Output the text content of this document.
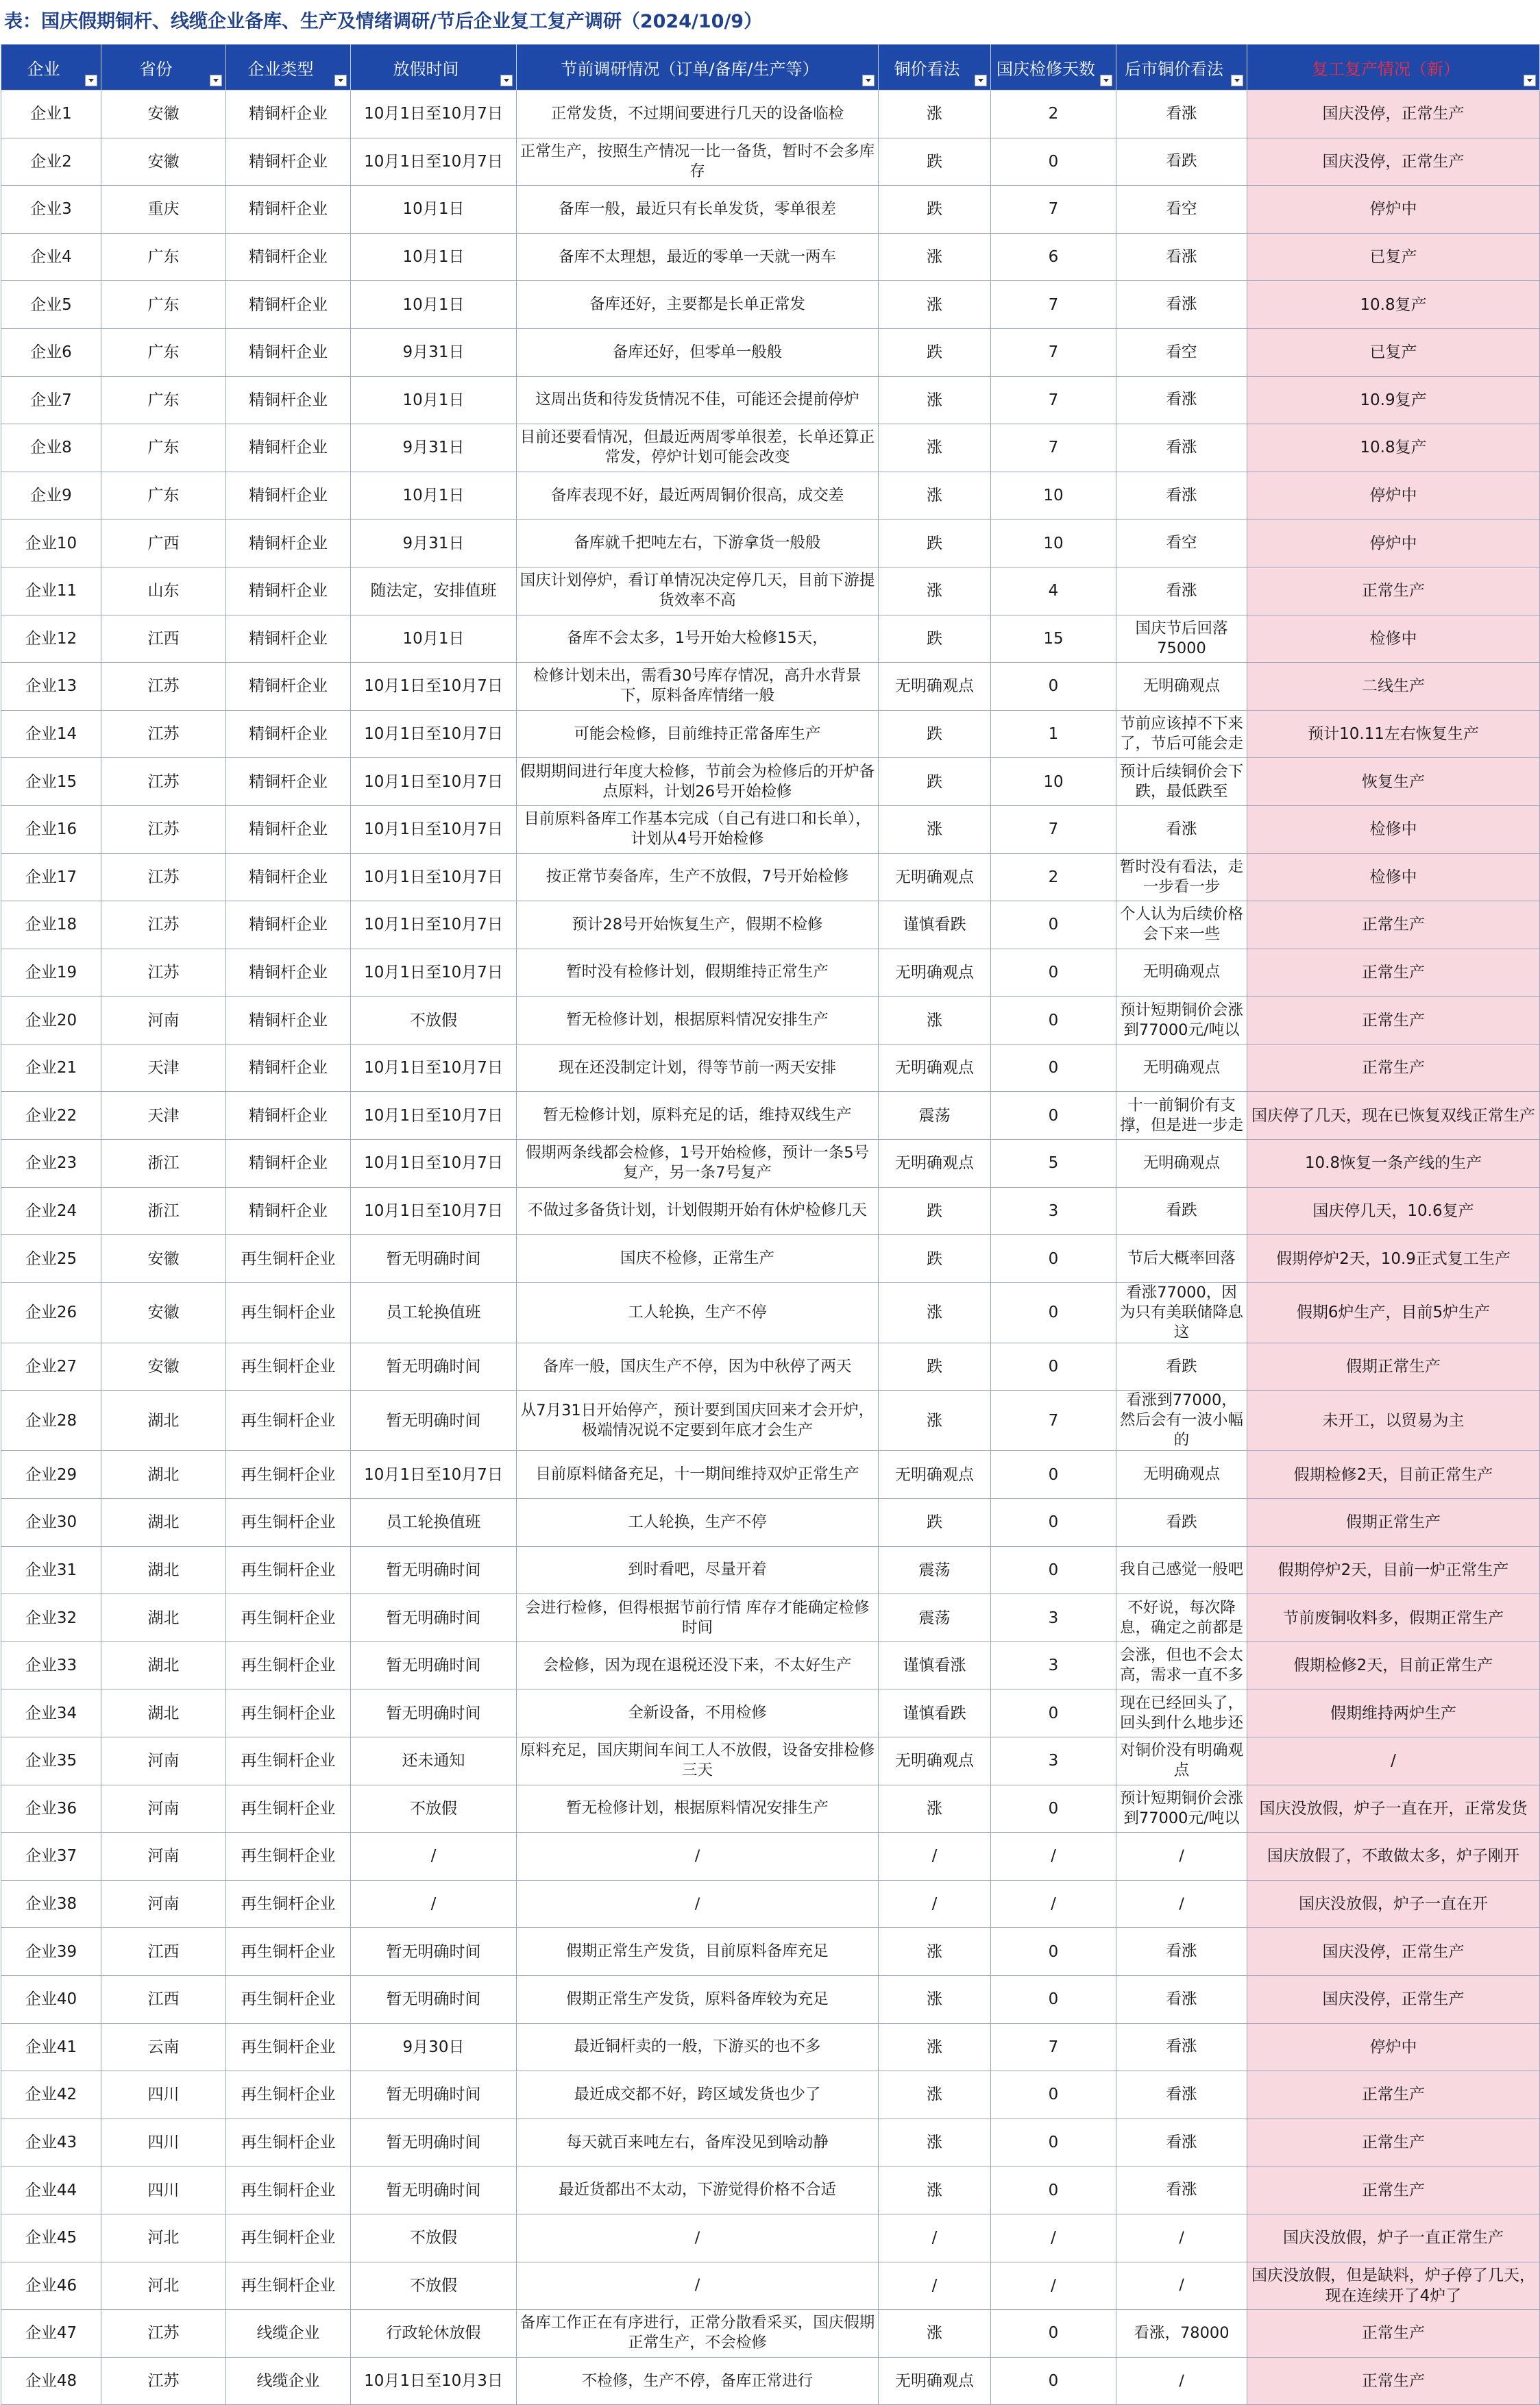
表：国庆假期铜杆、线缆企业备库、生产及情绪调研/节后企业复工复产调研（2024/10/9）
企业	省份	企业类型	放假时间	节前调研情况（订单/备库/生产等）	铜价看法	国庆检修天数	后市铜价看法	复工复产情况（新）

企业1	安徽	精铜杆企业	10月1日至10月7日	正常发货，不过期间要进行几天的设备临检	涨	2	看涨	国庆没停，正常生产
企业2	安徽	精铜杆企业	10月1日至10月7日	正常生产，按照生产情况一比一备货，暂时不会多库存	跌	0	看跌	国庆没停，正常生产
企业3	重庆	精铜杆企业	10月1日	备库一般，最近只有长单发货，零单很差	跌	7	看空	停炉中
企业4	广东	精铜杆企业	10月1日	备库不太理想，最近的零单一天就一两车	涨	6	看涨	已复产
企业5	广东	精铜杆企业	10月1日	备库还好，主要都是长单正常发	涨	7	看涨	10.8复产
企业6	广东	精铜杆企业	9月31日	备库还好，但零单一般般	跌	7	看空	已复产
企业7	广东	精铜杆企业	10月1日	这周出货和待发货情况不佳，可能还会提前停炉	涨	7	看涨	10.9复产
企业8	广东	精铜杆企业	9月31日	目前还要看情况，但最近两周零单很差，长单还算正常发，停炉计划可能会改变	涨	7	看涨	10.8复产
企业9	广东	精铜杆企业	10月1日	备库表现不好，最近两周铜价很高，成交差	涨	10	看涨	停炉中
企业10	广西	精铜杆企业	9月31日	备库就千把吨左右，下游拿货一般般	跌	10	看空	停炉中
企业11	山东	精铜杆企业	随法定，安排值班	国庆计划停炉，看订单情况决定停几天，目前下游提货效率不高	涨	4	看涨	正常生产
企业12	江西	精铜杆企业	10月1日	备库不会太多，1号开始大检修15天，	跌	15	国庆节后回落75000	检修中
企业13	江苏	精铜杆企业	10月1日至10月7日	检修计划未出，需看30号库存情况，高升水背景下，原料备库情绪一般	无明确观点	0	无明确观点	二线生产
企业14	江苏	精铜杆企业	10月1日至10月7日	可能会检修，目前维持正常备库生产	跌	1	节前应该掉不下来了，节后可能会走	预计10.11左右恢复生产
企业15	江苏	精铜杆企业	10月1日至10月7日	假期期间进行年度大检修，节前会为检修后的开炉备点原料，计划26号开始检修	跌	10	预计后续铜价会下跌，最低跌至	恢复生产
企业16	江苏	精铜杆企业	10月1日至10月7日	目前原料备库工作基本完成（自己有进口和长单），计划从4号开始检修	涨	7	看涨	检修中
企业17	江苏	精铜杆企业	10月1日至10月7日	按正常节奏备库，生产不放假，7号开始检修	无明确观点	2	暂时没有看法，走一步看一步	检修中
企业18	江苏	精铜杆企业	10月1日至10月7日	预计28号开始恢复生产，假期不检修	谨慎看跌	0	个人认为后续价格会下来一些	正常生产
企业19	江苏	精铜杆企业	10月1日至10月7日	暂时没有检修计划，假期维持正常生产	无明确观点	0	无明确观点	正常生产
企业20	河南	精铜杆企业	不放假	暂无检修计划，根据原料情况安排生产	涨	0	预计短期铜价会涨到77000元/吨以	正常生产
企业21	天津	精铜杆企业	10月1日至10月7日	现在还没制定计划，得等节前一两天安排	无明确观点	0	无明确观点	正常生产
企业22	天津	精铜杆企业	10月1日至10月7日	暂无检修计划，原料充足的话，维持双线生产	震荡	0	十一前铜价有支撑，但是进一步走	国庆停了几天，现在已恢复双线正常生产
企业23	浙江	精铜杆企业	10月1日至10月7日	假期两条线都会检修，1号开始检修，预计一条5号复产，另一条7号复产	无明确观点	5	无明确观点	10.8恢复一条产线的生产
企业24	浙江	精铜杆企业	10月1日至10月7日	不做过多备货计划，计划假期开始有休炉检修几天	跌	3	看跌	国庆停几天，10.6复产
企业25	安徽	再生铜杆企业	暂无明确时间	国庆不检修，正常生产	跌	0	节后大概率回落	假期停炉2天，10.9正式复工生产
企业26	安徽	再生铜杆企业	员工轮换值班	工人轮换，生产不停	涨	0	看涨77000，因为只有美联储降息这	假期6炉生产，目前5炉生产
企业27	安徽	再生铜杆企业	暂无明确时间	备库一般，国庆生产不停，因为中秋停了两天	跌	0	看跌	假期正常生产
企业28	湖北	再生铜杆企业	暂无明确时间	从7月31日开始停产，预计要到国庆回来才会开炉，极端情况说不定要到年底才会生产	涨	7	看涨到77000，然后会有一波小幅的	未开工，以贸易为主
企业29	湖北	再生铜杆企业	10月1日至10月7日	目前原料储备充足，十一期间维持双炉正常生产	无明确观点	0	无明确观点	假期检修2天，目前正常生产
企业30	湖北	再生铜杆企业	员工轮换值班	工人轮换，生产不停	跌	0	看跌	假期正常生产
企业31	湖北	再生铜杆企业	暂无明确时间	到时看吧，尽量开着	震荡	0	我自己感觉一般吧	假期停炉2天，目前一炉正常生产
企业32	湖北	再生铜杆企业	暂无明确时间	会进行检修，但得根据节前行情 库存才能确定检修时间	震荡	3	不好说，每次降息，确定之前都是	节前废铜收料多，假期正常生产
企业33	湖北	再生铜杆企业	暂无明确时间	会检修，因为现在退税还没下来，不太好生产	谨慎看涨	3	会涨，但也不会太高，需求一直不多	假期检修2天，目前正常生产
企业34	湖北	再生铜杆企业	暂无明确时间	全新设备，不用检修	谨慎看跌	0	现在已经回头了，回头到什么地步还	假期维持两炉生产
企业35	河南	再生铜杆企业	还未通知	原料充足，国庆期间车间工人不放假，设备安排检修三天	无明确观点	3	对铜价没有明确观点	/
企业36	河南	再生铜杆企业	不放假	暂无检修计划，根据原料情况安排生产	涨	0	预计短期铜价会涨到77000元/吨以	国庆没放假，炉子一直在开，正常发货
企业37	河南	再生铜杆企业	/	/	/	/	/	国庆放假了，不敢做太多，炉子刚开
企业38	河南	再生铜杆企业	/	/	/	/	/	国庆没放假，炉子一直在开
企业39	江西	再生铜杆企业	暂无明确时间	假期正常生产发货，目前原料备库充足	涨	0	看涨	国庆没停，正常生产
企业40	江西	再生铜杆企业	暂无明确时间	假期正常生产发货，原料备库较为充足	涨	0	看涨	国庆没停，正常生产
企业41	云南	再生铜杆企业	9月30日	最近铜杆卖的一般，下游买的也不多	涨	7	看涨	停炉中
企业42	四川	再生铜杆企业	暂无明确时间	最近成交都不好，跨区域发货也少了	涨	0	看涨	正常生产
企业43	四川	再生铜杆企业	暂无明确时间	每天就百来吨左右，备库没见到啥动静	涨	0	看涨	正常生产
企业44	四川	再生铜杆企业	暂无明确时间	最近货都出不太动，下游觉得价格不合适	涨	0	看涨	正常生产
企业45	河北	再生铜杆企业	不放假	/	/	/	/	国庆没放假，炉子一直正常生产
企业46	河北	再生铜杆企业	不放假	/	/	/	/	国庆没放假，但是缺料，炉子停了几天，现在连续开了4炉了
企业47	江苏	线缆企业	行政轮休放假	备库工作正在有序进行，正常分散看采买，国庆假期正常生产，不会检修	涨	0	看涨，78000	正常生产
企业48	江苏	线缆企业	10月1日至10月3日	不检修，生产不停，备库正常进行	无明确观点	0	/	正常生产
